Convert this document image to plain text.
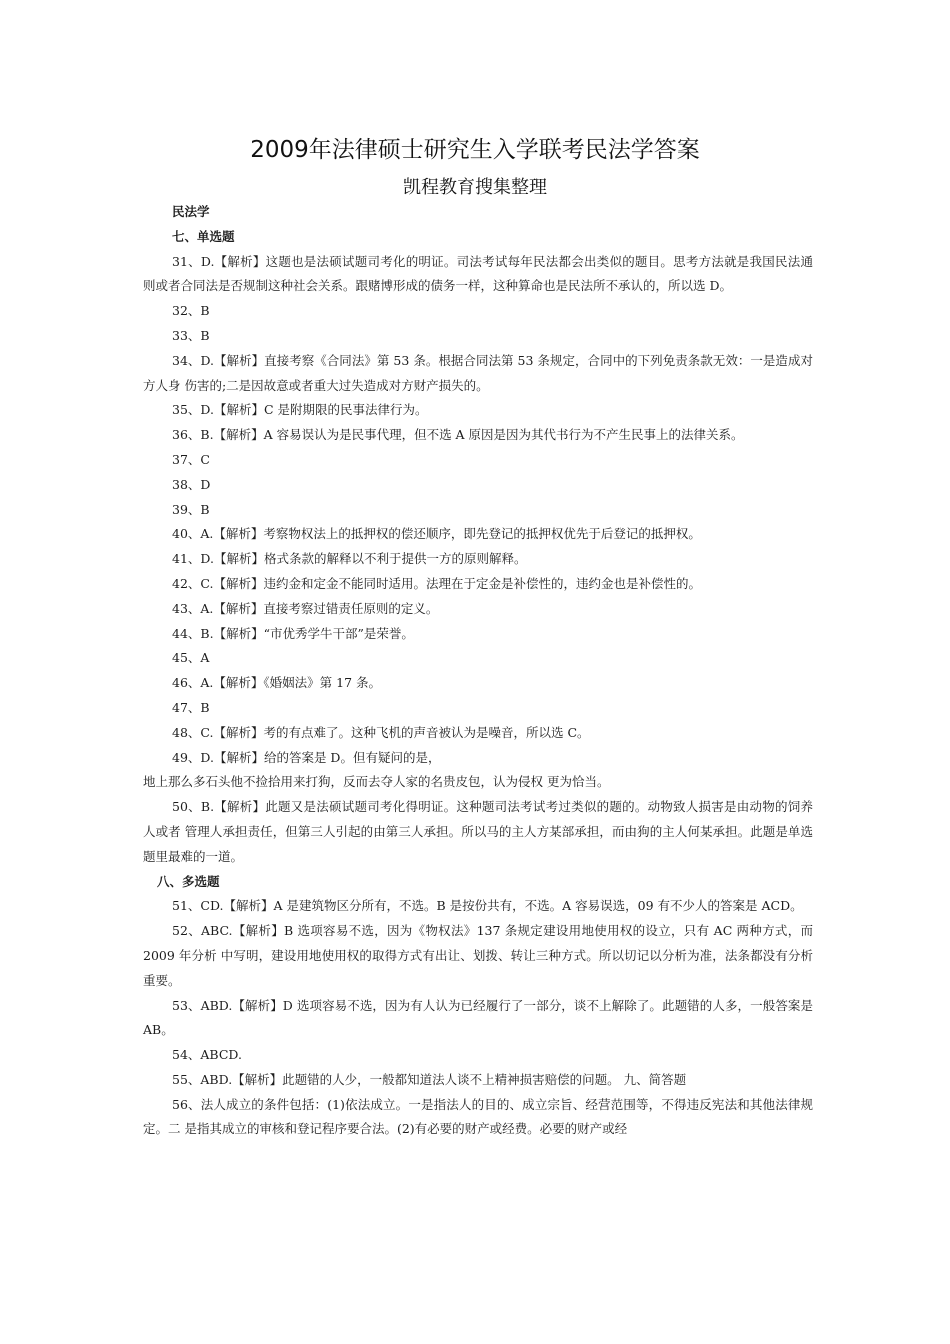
2009年法律硕士研究生入学联考民法学答案
凯程教育搜集整理

民法学

七、单选题

31、D.【解析】这题也是法硕试题司考化的明证。司法考试每年民法都会出类似的题目。思考方法就是我国民法通则或者合同法是否规制这种社会关系。跟赌博形成的债务一样，这种算命也是民法所不承认的，所以选 D。

32、B

33、B

34、D.【解析】直接考察《合同法》第 53 条。根据合同法第 53 条规定，合同中的下列免责条款无效：一是造成对方人身 伤害的;二是因故意或者重大过失造成对方财产损失的。

35、D.【解析】C 是附期限的民事法律行为。

36、B.【解析】A 容易误认为是民事代理，但不选 A 原因是因为其代书行为不产生民事上的法律关系。

37、C

38、D

39、B

40、A.【解析】考察物权法上的抵押权的偿还顺序，即先登记的抵押权优先于后登记的抵押权。

41、D.【解析】格式条款的解释以不利于提供一方的原则解释。

42、C.【解析】违约金和定金不能同时适用。法理在于定金是补偿性的，违约金也是补偿性的。

43、A.【解析】直接考察过错责任原则的定义。

44、B.【解析】“市优秀学牛干部”是荣誉。

45、A

46、A.【解析】《婚姻法》第 17 条。

47、B

48、C.【解析】考的有点难了。这种飞机的声音被认为是噪音，所以选 C。

49、D.【解析】给的答案是 D。但有疑问的是，

地上那么多石头他不捡拾用来打狗，反而去夺人家的名贵皮包，认为侵权 更为恰当。

50、B.【解析】此题又是法硕试题司考化得明证。这种题司法考试考过类似的题的。动物致人损害是由动物的饲养人或者 管理人承担责任，但第三人引起的由第三人承担。所以马的主人方某部承担，而由狗的主人何某承担。此题是单选题里最难的一道。

八、多选题

51、CD.【解析】A 是建筑物区分所有，不选。B 是按份共有，不选。A 容易误选，09 有不少人的答案是 ACD。

52、ABC.【解析】B 选项容易不选，因为《物权法》137 条规定建设用地使用权的设立，只有 AC 两种方式，而 2009 年分析 中写明，建设用地使用权的取得方式有出让、划拨、转让三种方式。所以切记以分析为准，法条都没有分析重要。

53、ABD.【解析】D 选项容易不选，因为有人认为已经履行了一部分，谈不上解除了。此题错的人多，一般答案是 AB。

54、ABCD.

55、ABD.【解析】此题错的人少，一般都知道法人谈不上精神损害赔偿的问题。 九、简答题

56、法人成立的条件包括：(1)依法成立。一是指法人的目的、成立宗旨、经营范围等，不得违反宪法和其他法律规定。二 是指其成立的审核和登记程序要合法。(2)有必要的财产或经费。必要的财产或经
